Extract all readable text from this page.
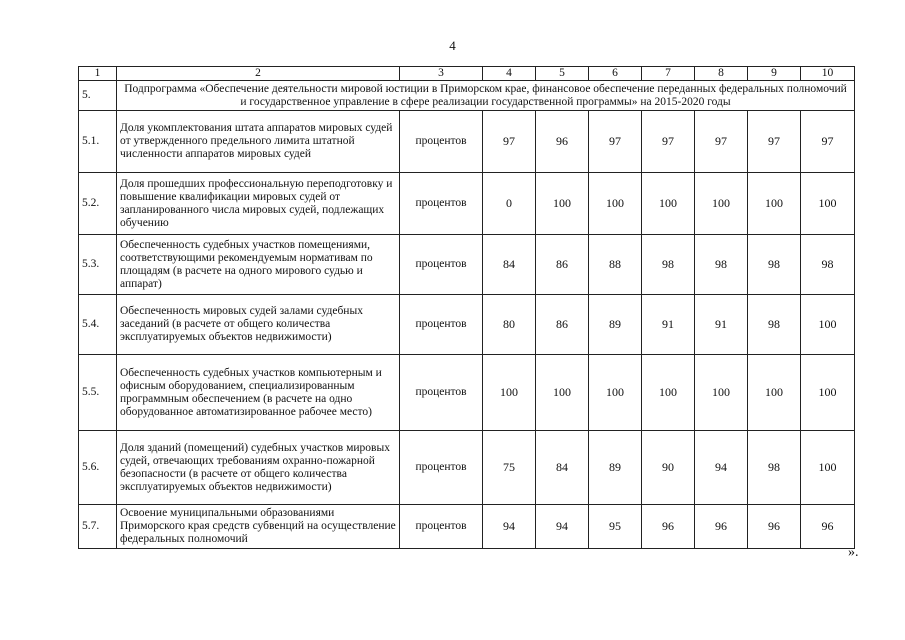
4
1	2	3	4	5	6	7	8	9	10
5.	Подпрограмма «Обеспечение деятельности мировой юстиции в Приморском крае, финансовое обеспечение переданных федеральных полномочий и государственное управление в сфере реализации государственной программы» на 2015-2020 годы								
5.1.	Доля укомплектования штата аппаратов мировых судей от утвержденного предельного лимита штатной численности аппаратов мировых судей	процентов	97	96	97	97	97	97	97
5.2.	Доля прошедших профессиональную переподготовку и повышение квалификации мировых судей от запланированного числа мировых судей, подлежащих обучению	процентов	0	100	100	100	100	100	100
5.3.	Обеспеченность судебных участков помещениями, соответствующими рекомендуемым нормативам по площадям (в расчете на одного мирового судью и аппарат)	процентов	84	86	88	98	98	98	98
5.4.	Обеспеченность мировых судей залами судебных заседаний (в расчете от общего количества эксплуатируемых объектов недвижимости)	процентов	80	86	89	91	91	98	100
5.5.	Обеспеченность судебных участков компьютерным и офисным оборудованием, специализированным программным обеспечением (в расчете на одно оборудованное автоматизированное рабочее место)	процентов	100	100	100	100	100	100	100
5.6.	Доля зданий (помещений) судебных участков мировых судей, отвечающих требованиям охранно-пожарной безопасности (в расчете от общего количества эксплуатируемых объектов недвижимости)	процентов	75	84	89	90	94	98	100
5.7.	Освоение муниципальными образованиями Приморского края средств субвенций на осуществление федеральных полномочий	процентов	94	94	95	96	96	96	96
».
